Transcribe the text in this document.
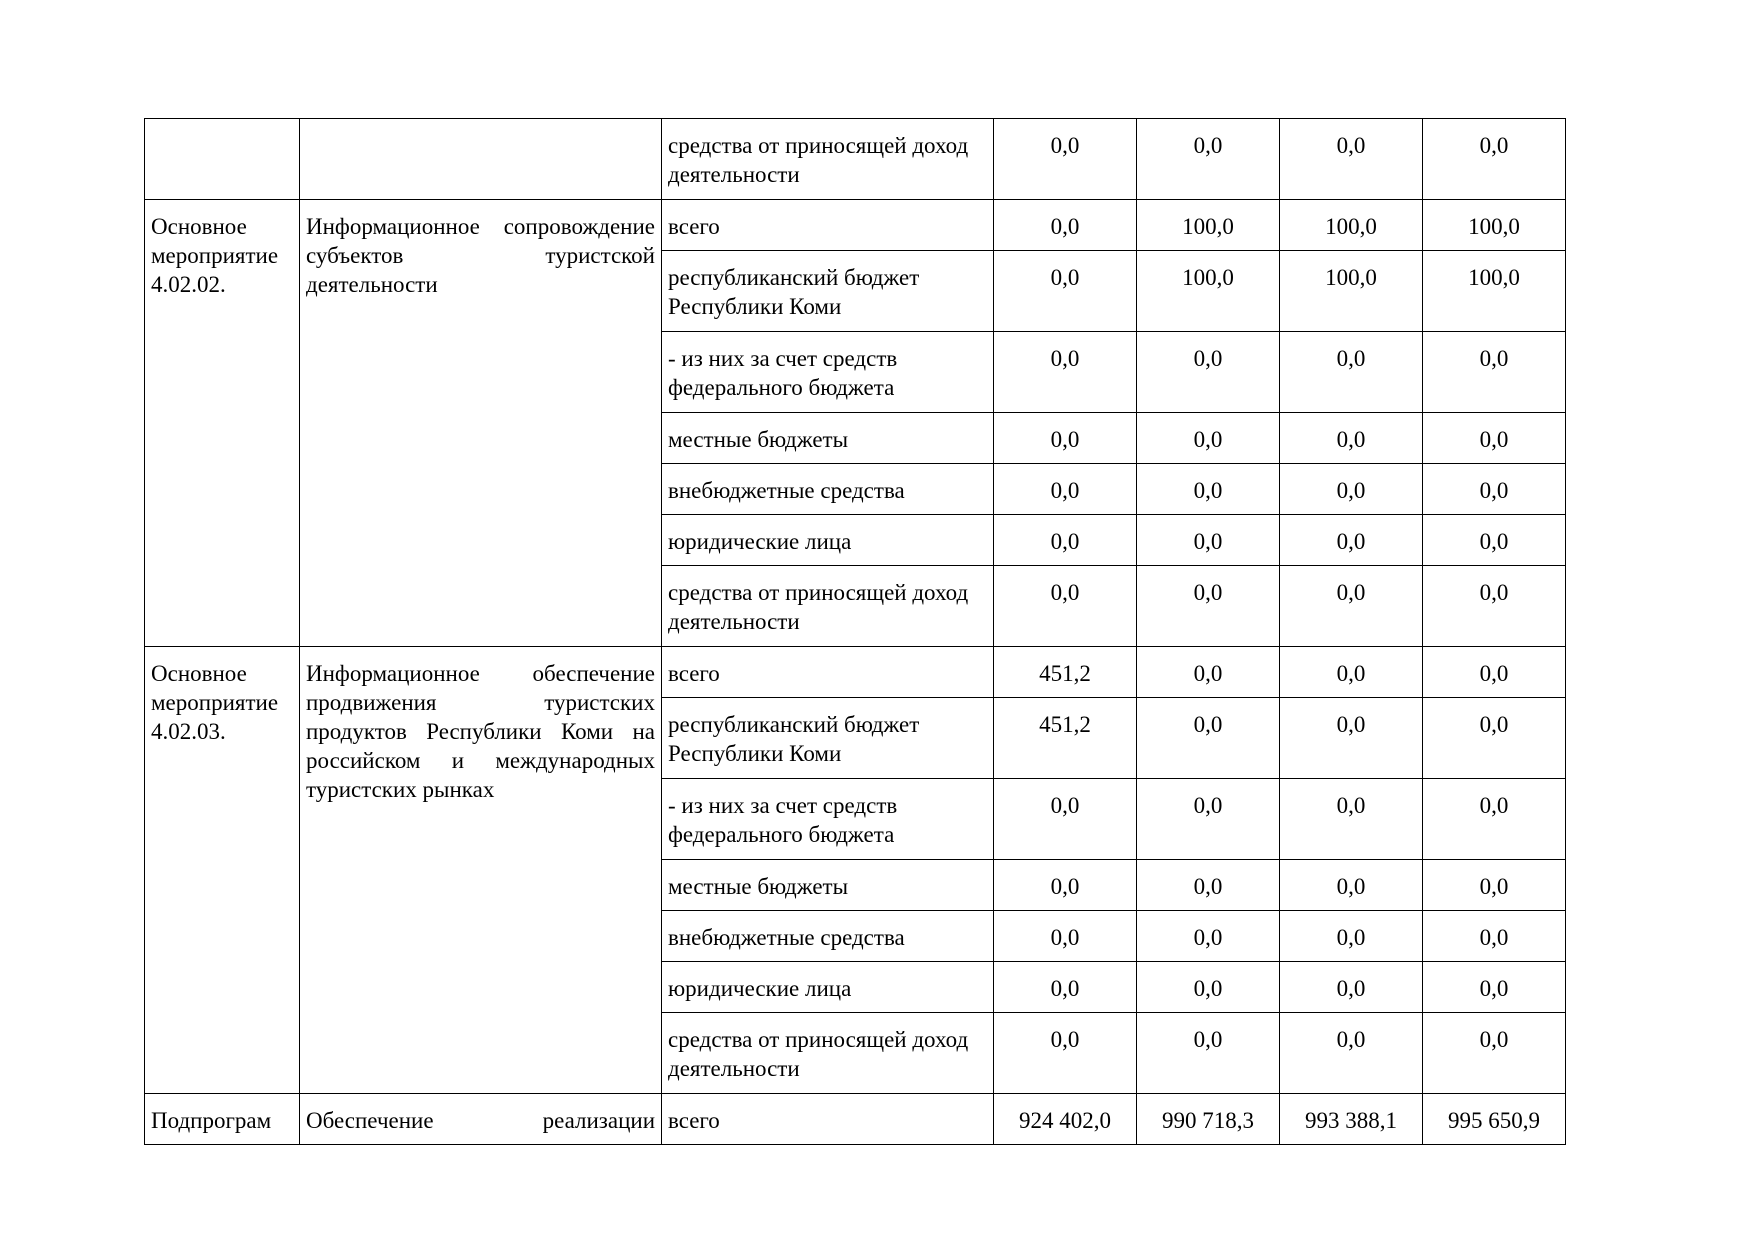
		средства от приносящей доход деятельности	0,0	0,0	0,0	0,0
Основное
мероприятие
4.02.02.	Информационное сопровождение субъектов туристской деятельности	всего	0,0	100,0	100,0	100,0
		республиканский бюджет Республики Коми	0,0	100,0	100,0	100,0
		- из них за счет средств федерального бюджета	0,0	0,0	0,0	0,0
		местные бюджеты	0,0	0,0	0,0	0,0
		внебюджетные средства	0,0	0,0	0,0	0,0
		юридические лица	0,0	0,0	0,0	0,0
		средства от приносящей доход деятельности	0,0	0,0	0,0	0,0
Основное
мероприятие
4.02.03.	Информационное обеспечение продвижения туристских продуктов Республики Коми на российском и международных туристских рынках	всего	451,2	0,0	0,0	0,0
		республиканский бюджет Республики Коми	451,2	0,0	0,0	0,0
		- из них за счет средств федерального бюджета	0,0	0,0	0,0	0,0
		местные бюджеты	0,0	0,0	0,0	0,0
		внебюджетные средства	0,0	0,0	0,0	0,0
		юридические лица	0,0	0,0	0,0	0,0
		средства от приносящей доход деятельности	0,0	0,0	0,0	0,0
Подпрограм	Обеспечение реализации	всего	924 402,0	990 718,3	993 388,1	995 650,9
